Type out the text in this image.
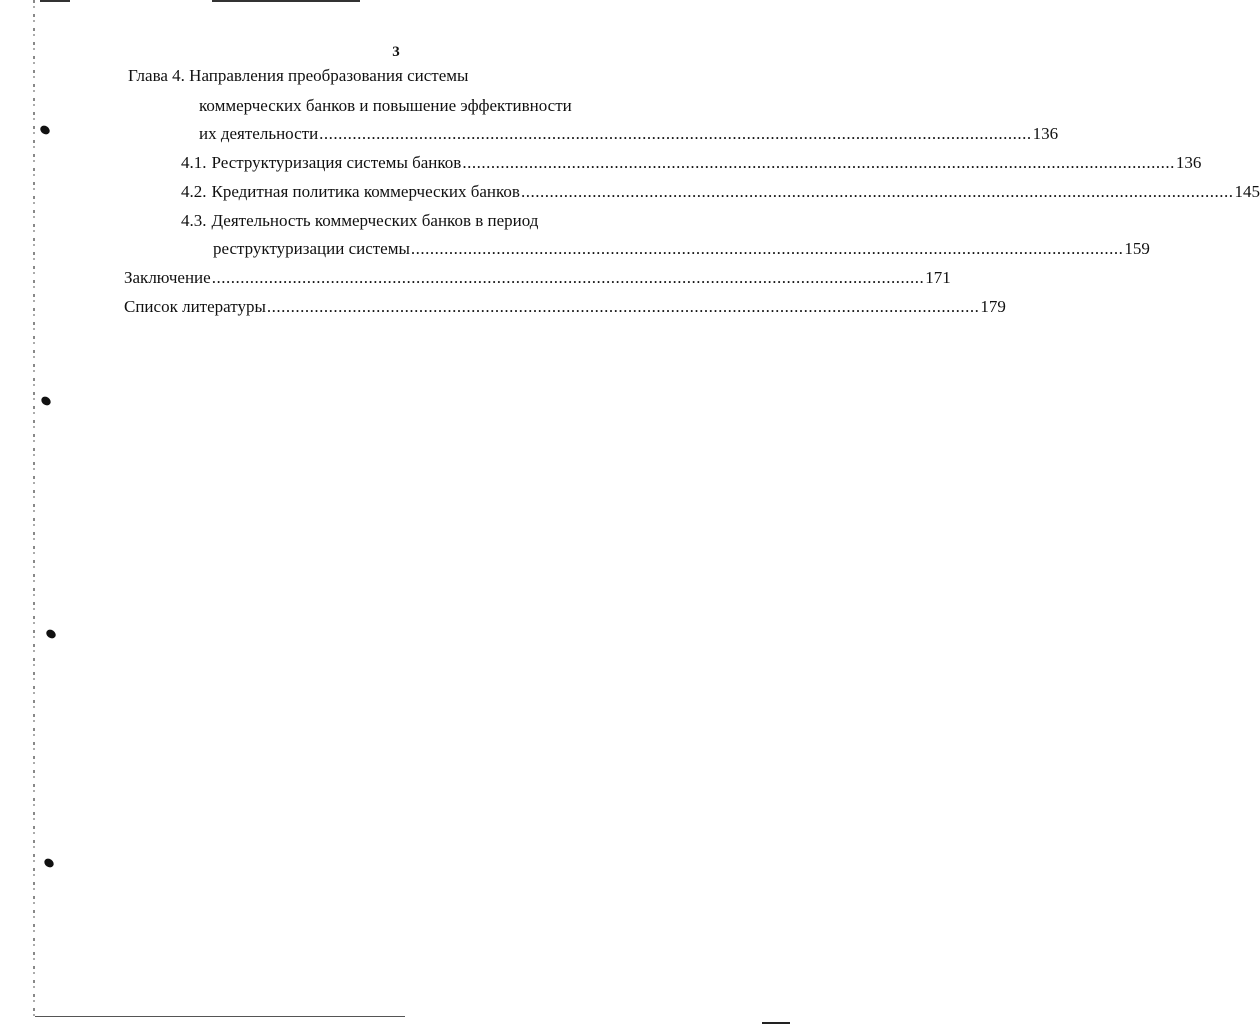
3
Глава 4. Направления преобразования системы
коммерческих банков и повышение эффективности
их деятельности ...................................................................................................................................................... 136
4.1. Реструктуризация системы банков ...................................................................................................................................................... 136
4.2. Кредитная политика коммерческих банков ...................................................................................................................................................... 145
4.3. Деятельность коммерческих банков в период
реструктуризации системы ...................................................................................................................................................... 159
Заключение ...................................................................................................................................................... 171
Список литературы ...................................................................................................................................................... 179
